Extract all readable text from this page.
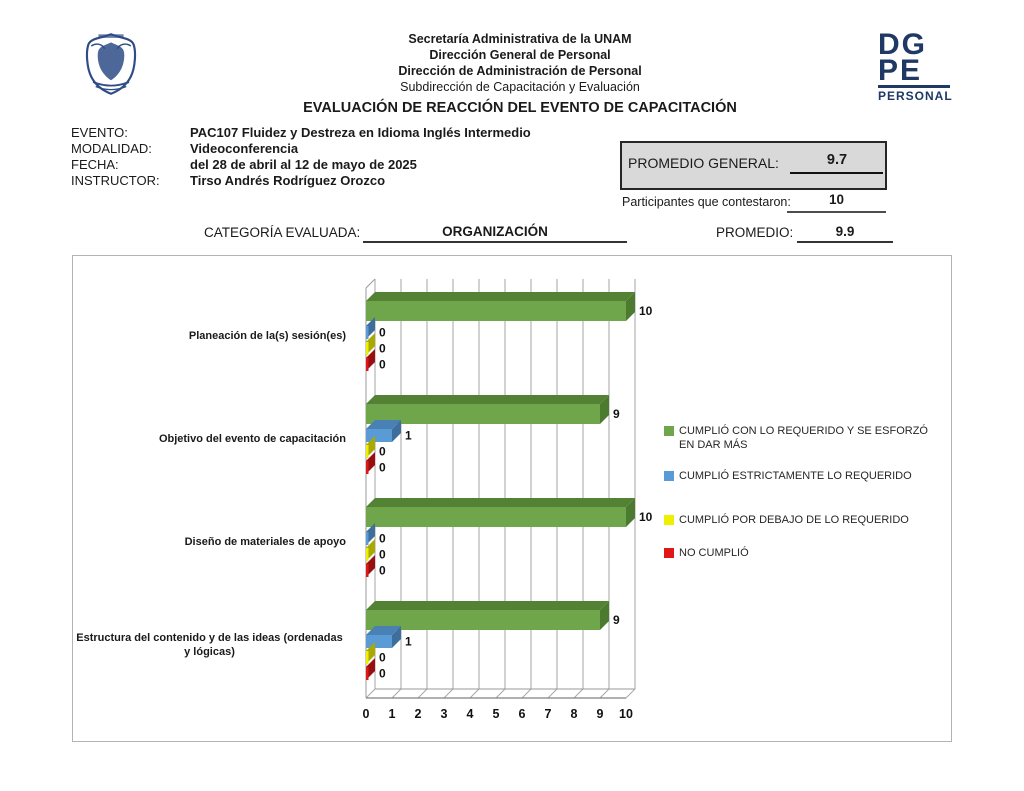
Secretaría Administrativa de la UNAM
Dirección General de Personal
Dirección de Administración de Personal
Subdirección de Capacitación y Evaluación
EVALUACIÓN DE REACCIÓN DEL EVENTO DE CAPACITACIÓN
DG
PE
PERSONAL
EVENTO:	PAC107 Fluidez y Destreza en Idioma Inglés Intermedio
MODALIDAD:	Videoconferencia
FECHA:	del 28 de abril al 12 de mayo de 2025
INSTRUCTOR:	Tirso Andrés Rodríguez Orozco
PROMEDIO GENERAL:	9.7
Participantes que contestaron:	10
CATEGORÍA EVALUADA:	ORGANIZACIÓN	PROMEDIO:	9.9
Planeación de la(s) sesión(es)
Objetivo del evento de capacitación
Diseño de materiales de apoyo
Estructura del contenido y de las ideas (ordenadas y lógicas)
10
0
0
0
9
1
0
0
10
0
0
0
9
1
0
0
0 1 2 3 4 5 6 7 8 9 10
CUMPLIÓ CON LO REQUERIDO Y SE ESFORZÓ EN DAR MÁS
CUMPLIÓ ESTRICTAMENTE LO REQUERIDO
CUMPLIÓ POR DEBAJO DE LO REQUERIDO
NO CUMPLIÓ
